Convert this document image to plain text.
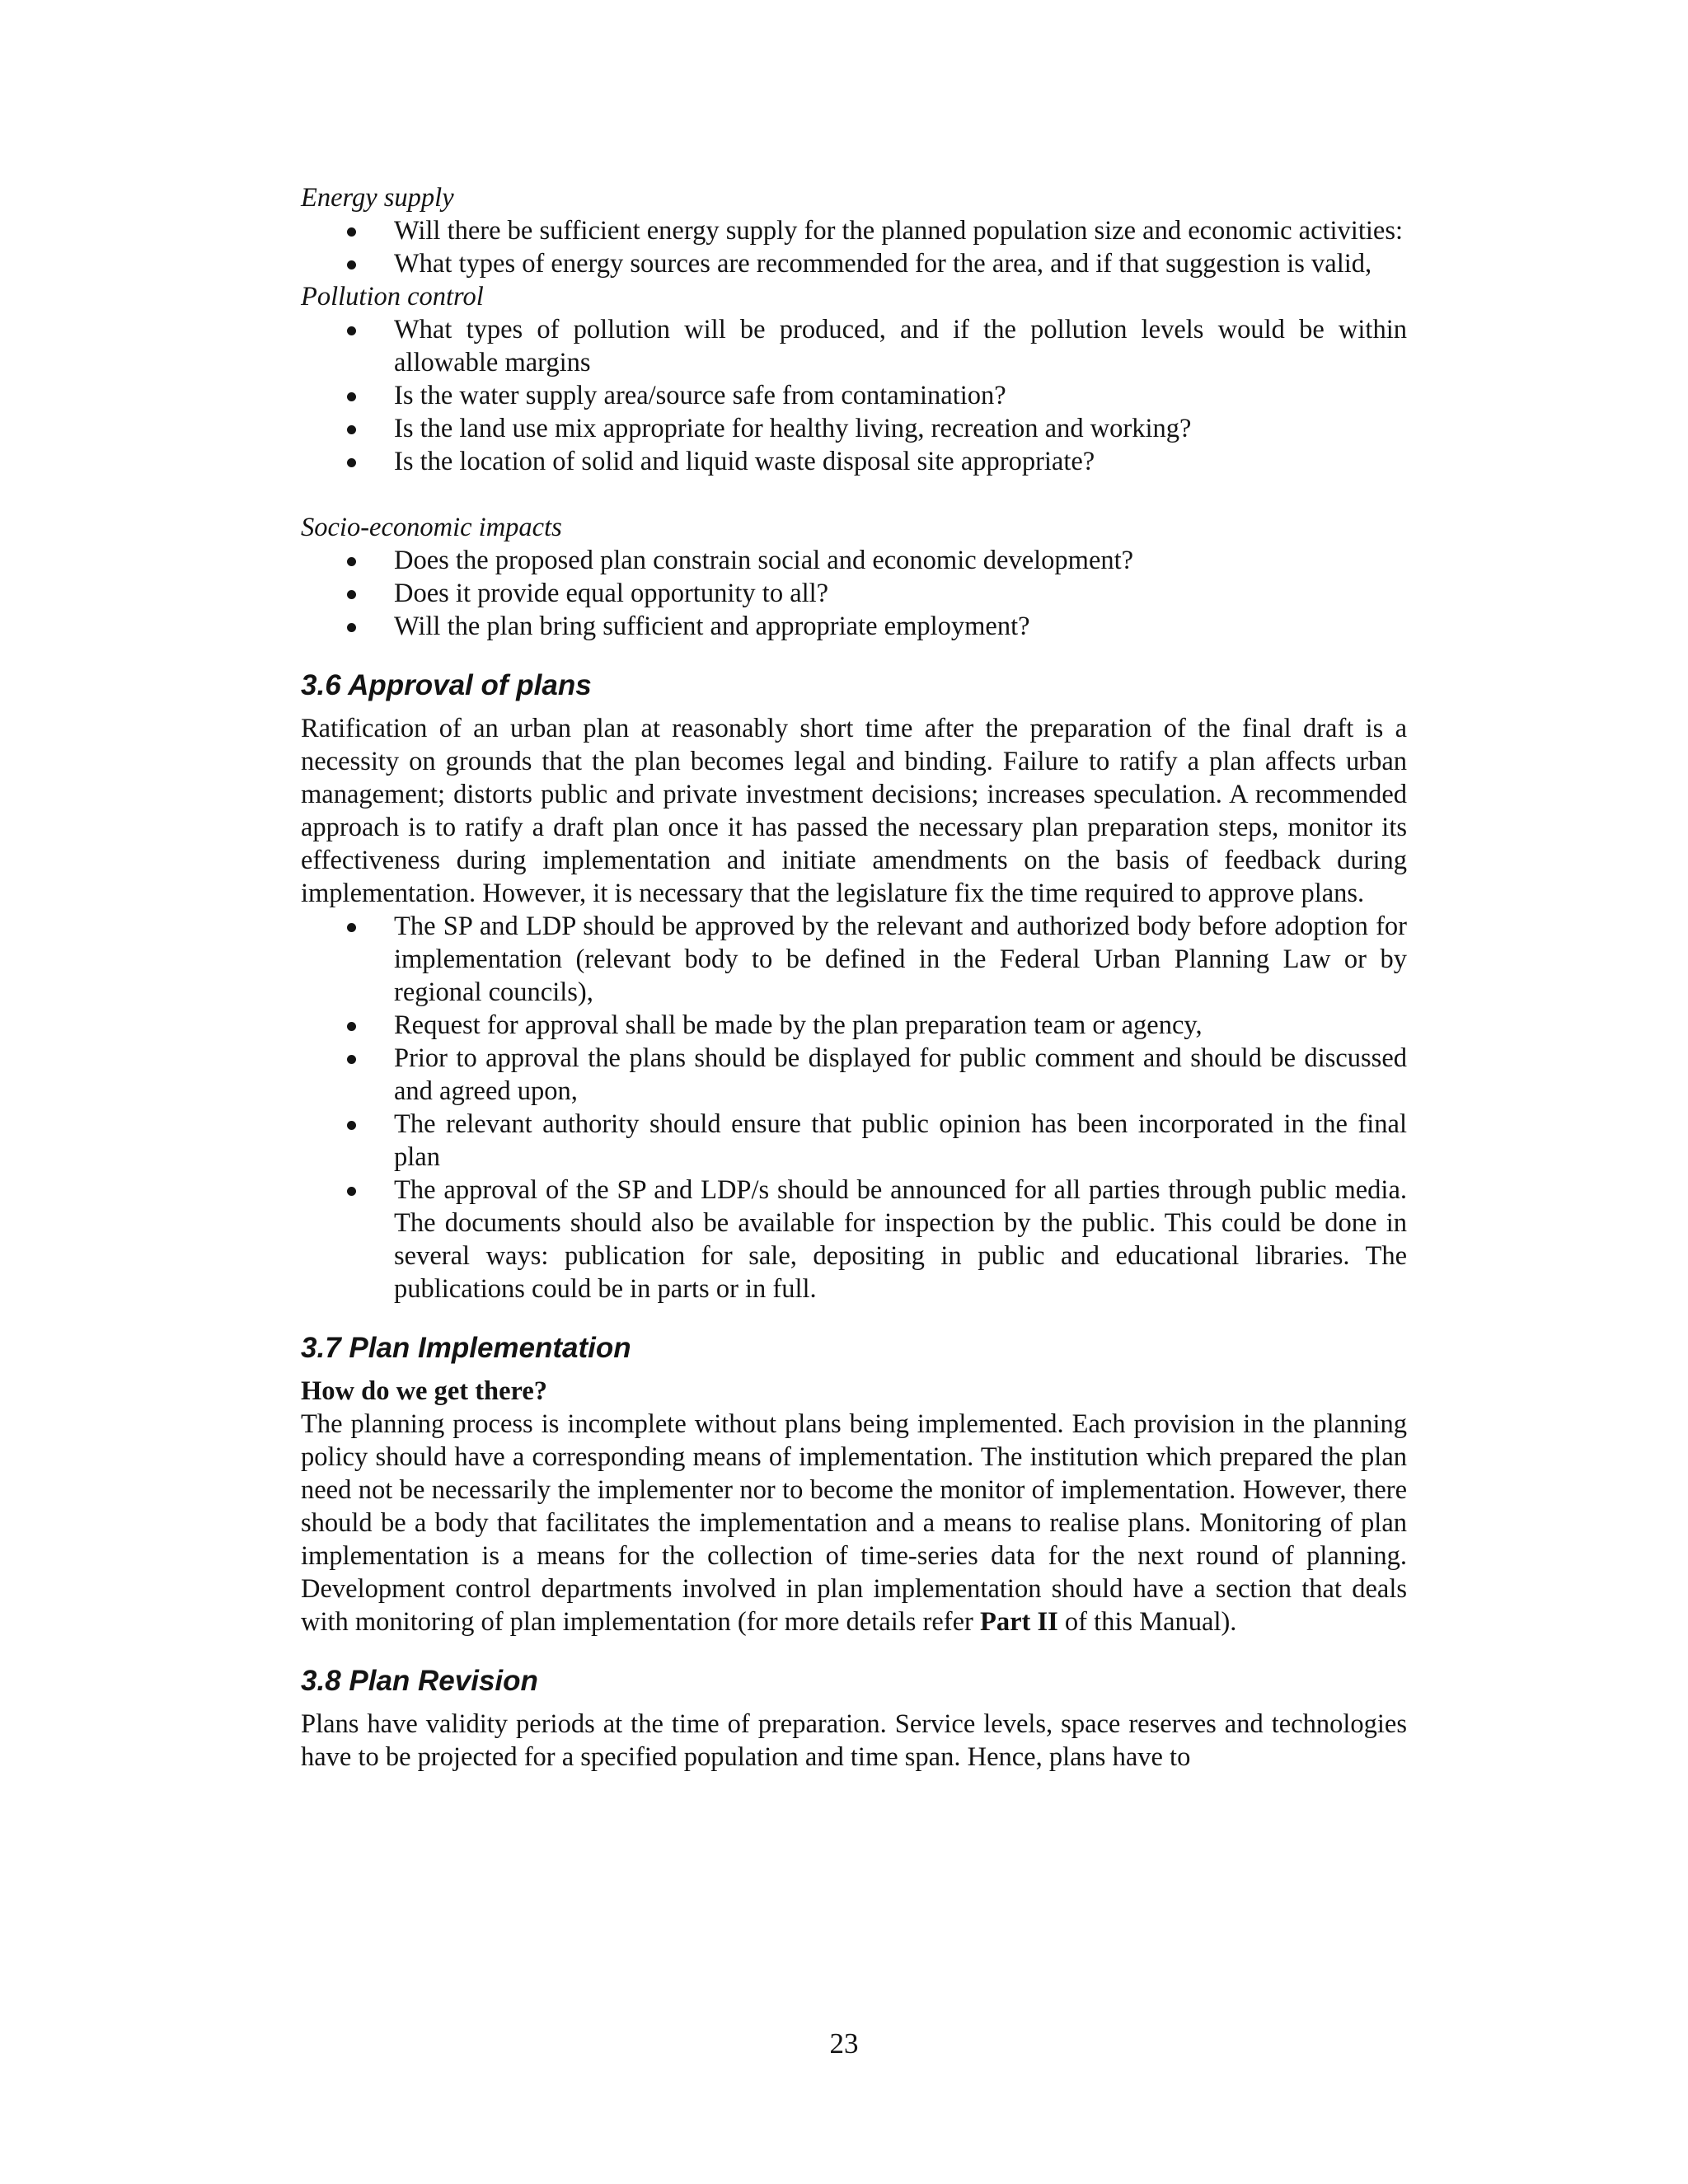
Energy supply

Will there be sufficient energy supply for the planned population size and economic activities:
What types of energy sources are recommended for the area, and if that suggestion is valid,

Pollution control

What types of pollution will be produced, and if the pollution levels would be within allowable margins
Is the water supply area/source safe from contamination?
Is the land use mix appropriate for healthy living, recreation and working?
Is the location of solid and liquid waste disposal site appropriate?

Socio-economic impacts

Does the proposed plan constrain social and economic development?
Does it provide equal opportunity to all?
Will the plan bring sufficient and appropriate employment?
3.6 Approval of plans

Ratification of an urban plan at reasonably short time after the preparation of the final draft is a necessity on grounds that the plan becomes legal and binding. Failure to ratify a plan affects urban management; distorts public and private investment decisions; increases speculation. A recommended approach is to ratify a draft plan once it has passed the necessary plan preparation steps, monitor its effectiveness during implementation and initiate amendments on the basis of feedback during implementation. However, it is necessary that the legislature fix the time required to approve plans.

The SP and LDP should be approved by the relevant and authorized body before adoption for implementation (relevant body to be defined in the Federal Urban Planning Law or by regional councils),
Request for approval shall be made by the plan preparation team or agency,
Prior to approval the plans should be displayed for public comment and should be discussed and agreed upon,
The relevant authority should ensure that public opinion has been incorporated in the final plan
The approval of the SP and LDP/s should be announced for all parties through public media. The documents should also be available for inspection by the public. This could be done in several ways: publication for sale, depositing in public and educational libraries. The publications could be in parts or in full.
3.7 Plan Implementation

How do we get there?

The planning process is incomplete without plans being implemented. Each provision in the planning policy should have a corresponding means of implementation. The institution which prepared the plan need not be necessarily the implementer nor to become the monitor of implementation. However, there should be a body that facilitates the implementation and a means to realise plans. Monitoring of plan implementation is a means for the collection of time-series data for the next round of planning. Development control departments involved in plan implementation should have a section that deals with monitoring of plan implementation (for more details refer Part II of this Manual).

3.8 Plan Revision

Plans have validity periods at the time of preparation. Service levels, space reserves and technologies have to be projected for a specified population and time span. Hence, plans have to

23
